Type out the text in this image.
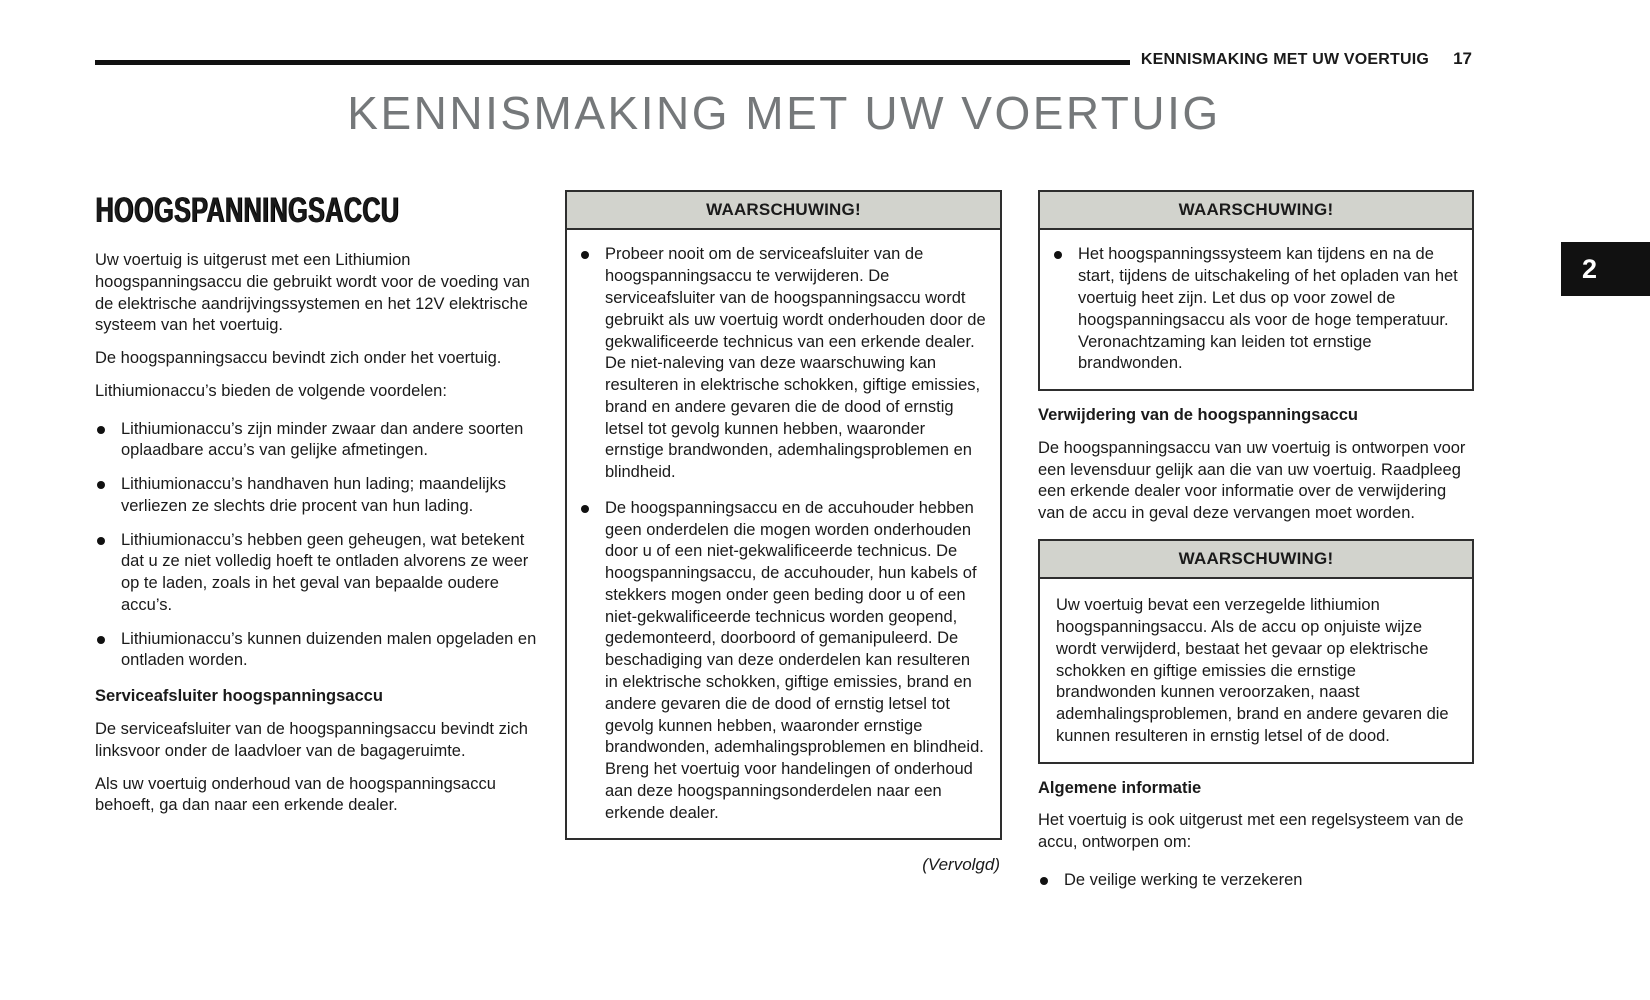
KENNISMAKING MET UW VOERTUIG 17
KENNISMAKING MET UW VOERTUIG
2
HOOGSPANNINGSACCU

Uw voertuig is uitgerust met een Lithiumion hoogspanningsaccu die gebruikt wordt voor de voeding van de elektrische aandrijvingssystemen en het 12V elektrische systeem van het voertuig.

De hoogspanningsaccu bevindt zich onder het voertuig.

Lithiumionaccu’s bieden de volgende voordelen:

Lithiumionaccu’s zijn minder zwaar dan andere soorten oplaadbare accu’s van gelijke afmetingen.
Lithiumionaccu’s handhaven hun lading; maandelijks verliezen ze slechts drie procent van hun lading.
Lithiumionaccu’s hebben geen geheugen, wat betekent dat u ze niet volledig hoeft te ontladen alvorens ze weer op te laden, zoals in het geval van bepaalde oudere accu’s.
Lithiumionaccu’s kunnen duizenden malen opgeladen en ontladen worden.
Serviceafsluiter hoogspanningsaccu

De serviceafsluiter van de hoogspanningsaccu bevindt zich linksvoor onder de laadvloer van de bagageruimte.

Als uw voertuig onderhoud van de hoogspanningsaccu behoeft, ga dan naar een erkende dealer.

WAARSCHUWING!
Probeer nooit om de serviceafsluiter van de hoogspanningsaccu te verwijderen. De serviceafsluiter van de hoogspanningsaccu wordt gebruikt als uw voertuig wordt onderhouden door de gekwalificeerde technicus van een erkende dealer. De niet-naleving van deze waarschuwing kan resulteren in elektrische schokken, giftige emissies, brand en andere gevaren die de dood of ernstig letsel tot gevolg kunnen hebben, waaronder ernstige brandwonden, ademhalingsproblemen en blindheid.
De hoogspanningsaccu en de accuhouder hebben geen onderdelen die mogen worden onderhouden door u of een niet-gekwalificeerde technicus. De hoogspanningsaccu, de accuhouder, hun kabels of stekkers mogen onder geen beding door u of een niet-gekwalificeerde technicus worden geopend, gedemonteerd, doorboord of gemanipuleerd. De beschadiging van deze onderdelen kan resulteren in elektrische schokken, giftige emissies, brand en andere gevaren die de dood of ernstig letsel tot gevolg kunnen hebben, waaronder ernstige brandwonden, ademhalingsproblemen en blindheid. Breng het voertuig voor handelingen of onderhoud aan deze hoogspanningsonderdelen naar een erkende dealer.
(Vervolgd)
WAARSCHUWING!
Het hoogspanningssysteem kan tijdens en na de start, tijdens de uitschakeling of het opladen van het voertuig heet zijn. Let dus op voor zowel de hoogspanningsaccu als voor de hoge temperatuur. Veronachtzaming kan leiden tot ernstige brandwonden.
Verwijdering van de hoogspanningsaccu

De hoogspanningsaccu van uw voertuig is ontworpen voor een levensduur gelijk aan die van uw voertuig. Raadpleeg een erkende dealer voor informatie over de verwijdering van de accu in geval deze vervangen moet worden.

WAARSCHUWING!
Uw voertuig bevat een verzegelde lithiumion hoogspanningsaccu. Als de accu op onjuiste wijze wordt verwijderd, bestaat het gevaar op elektrische schokken en giftige emissies die ernstige brandwonden kunnen veroorzaken, naast ademhalingsproblemen, brand en andere gevaren die kunnen resulteren in ernstig letsel of de dood.
Algemene informatie

Het voertuig is ook uitgerust met een regelsysteem van de accu, ontworpen om:

De veilige werking te verzekeren
